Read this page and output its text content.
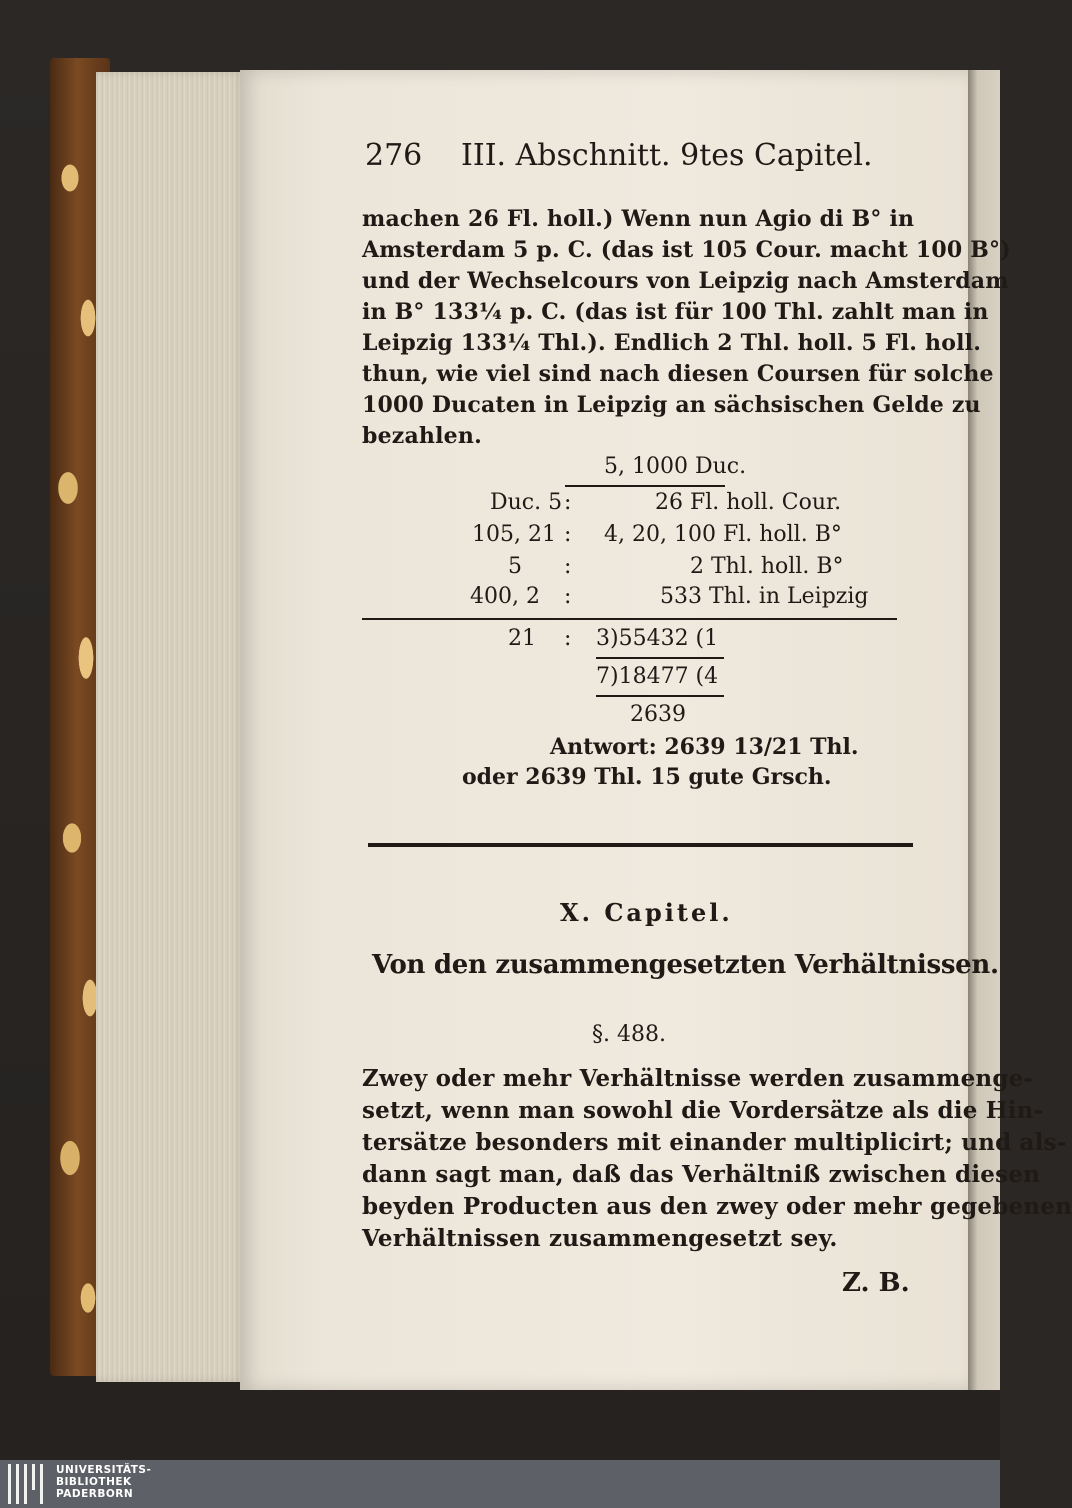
276 III. Abschnitt. 9tes Capitel.
machen 26 Fl. holl.) Wenn nun Agio di B° in
Amsterdam 5 p. C. (das ist 105 Cour. macht 100 B°)
und der Wechselcours von Leipzig nach Amsterdam
in B° 133¼ p. C. (das ist für 100 Thl. zahlt man in
Leipzig 133¼ Thl.). Endlich 2 Thl. holl. 5 Fl. holl.
thun, wie viel sind nach diesen Coursen für solche
1000 Ducaten in Leipzig an sächsischen Gelde zu
bezahlen.
5, 1000 Duc.
Duc. 5 :	26 Fl. holl. Cour.
105, 21 : 4, 20, 100 Fl. holl. B°
5 :	2 Thl. holl. B°
400, 2 :	533 Thl. in Leipzig
21 : 3)55432 (1
7)18477 (4
2639
Antwort: 2639 13/21 Thl.
oder 2639 Thl. 15 gute Grsch.
X. Capitel.
Von den zusammengesetzten Verhältnissen.
§. 488.
Zwey oder mehr Verhältnisse werden zusammenge-
setzt, wenn man sowohl die Vordersätze als die Hin-
tersätze besonders mit einander multiplicirt; und als-
dann sagt man, daß das Verhältniß zwischen diesen
beyden Producten aus den zwey oder mehr gegebenen
Verhältnissen zusammengesetzt sey.
Z. B.
UNIVERSITÄTS-
BIBLIOTHEK
PADERBORN
